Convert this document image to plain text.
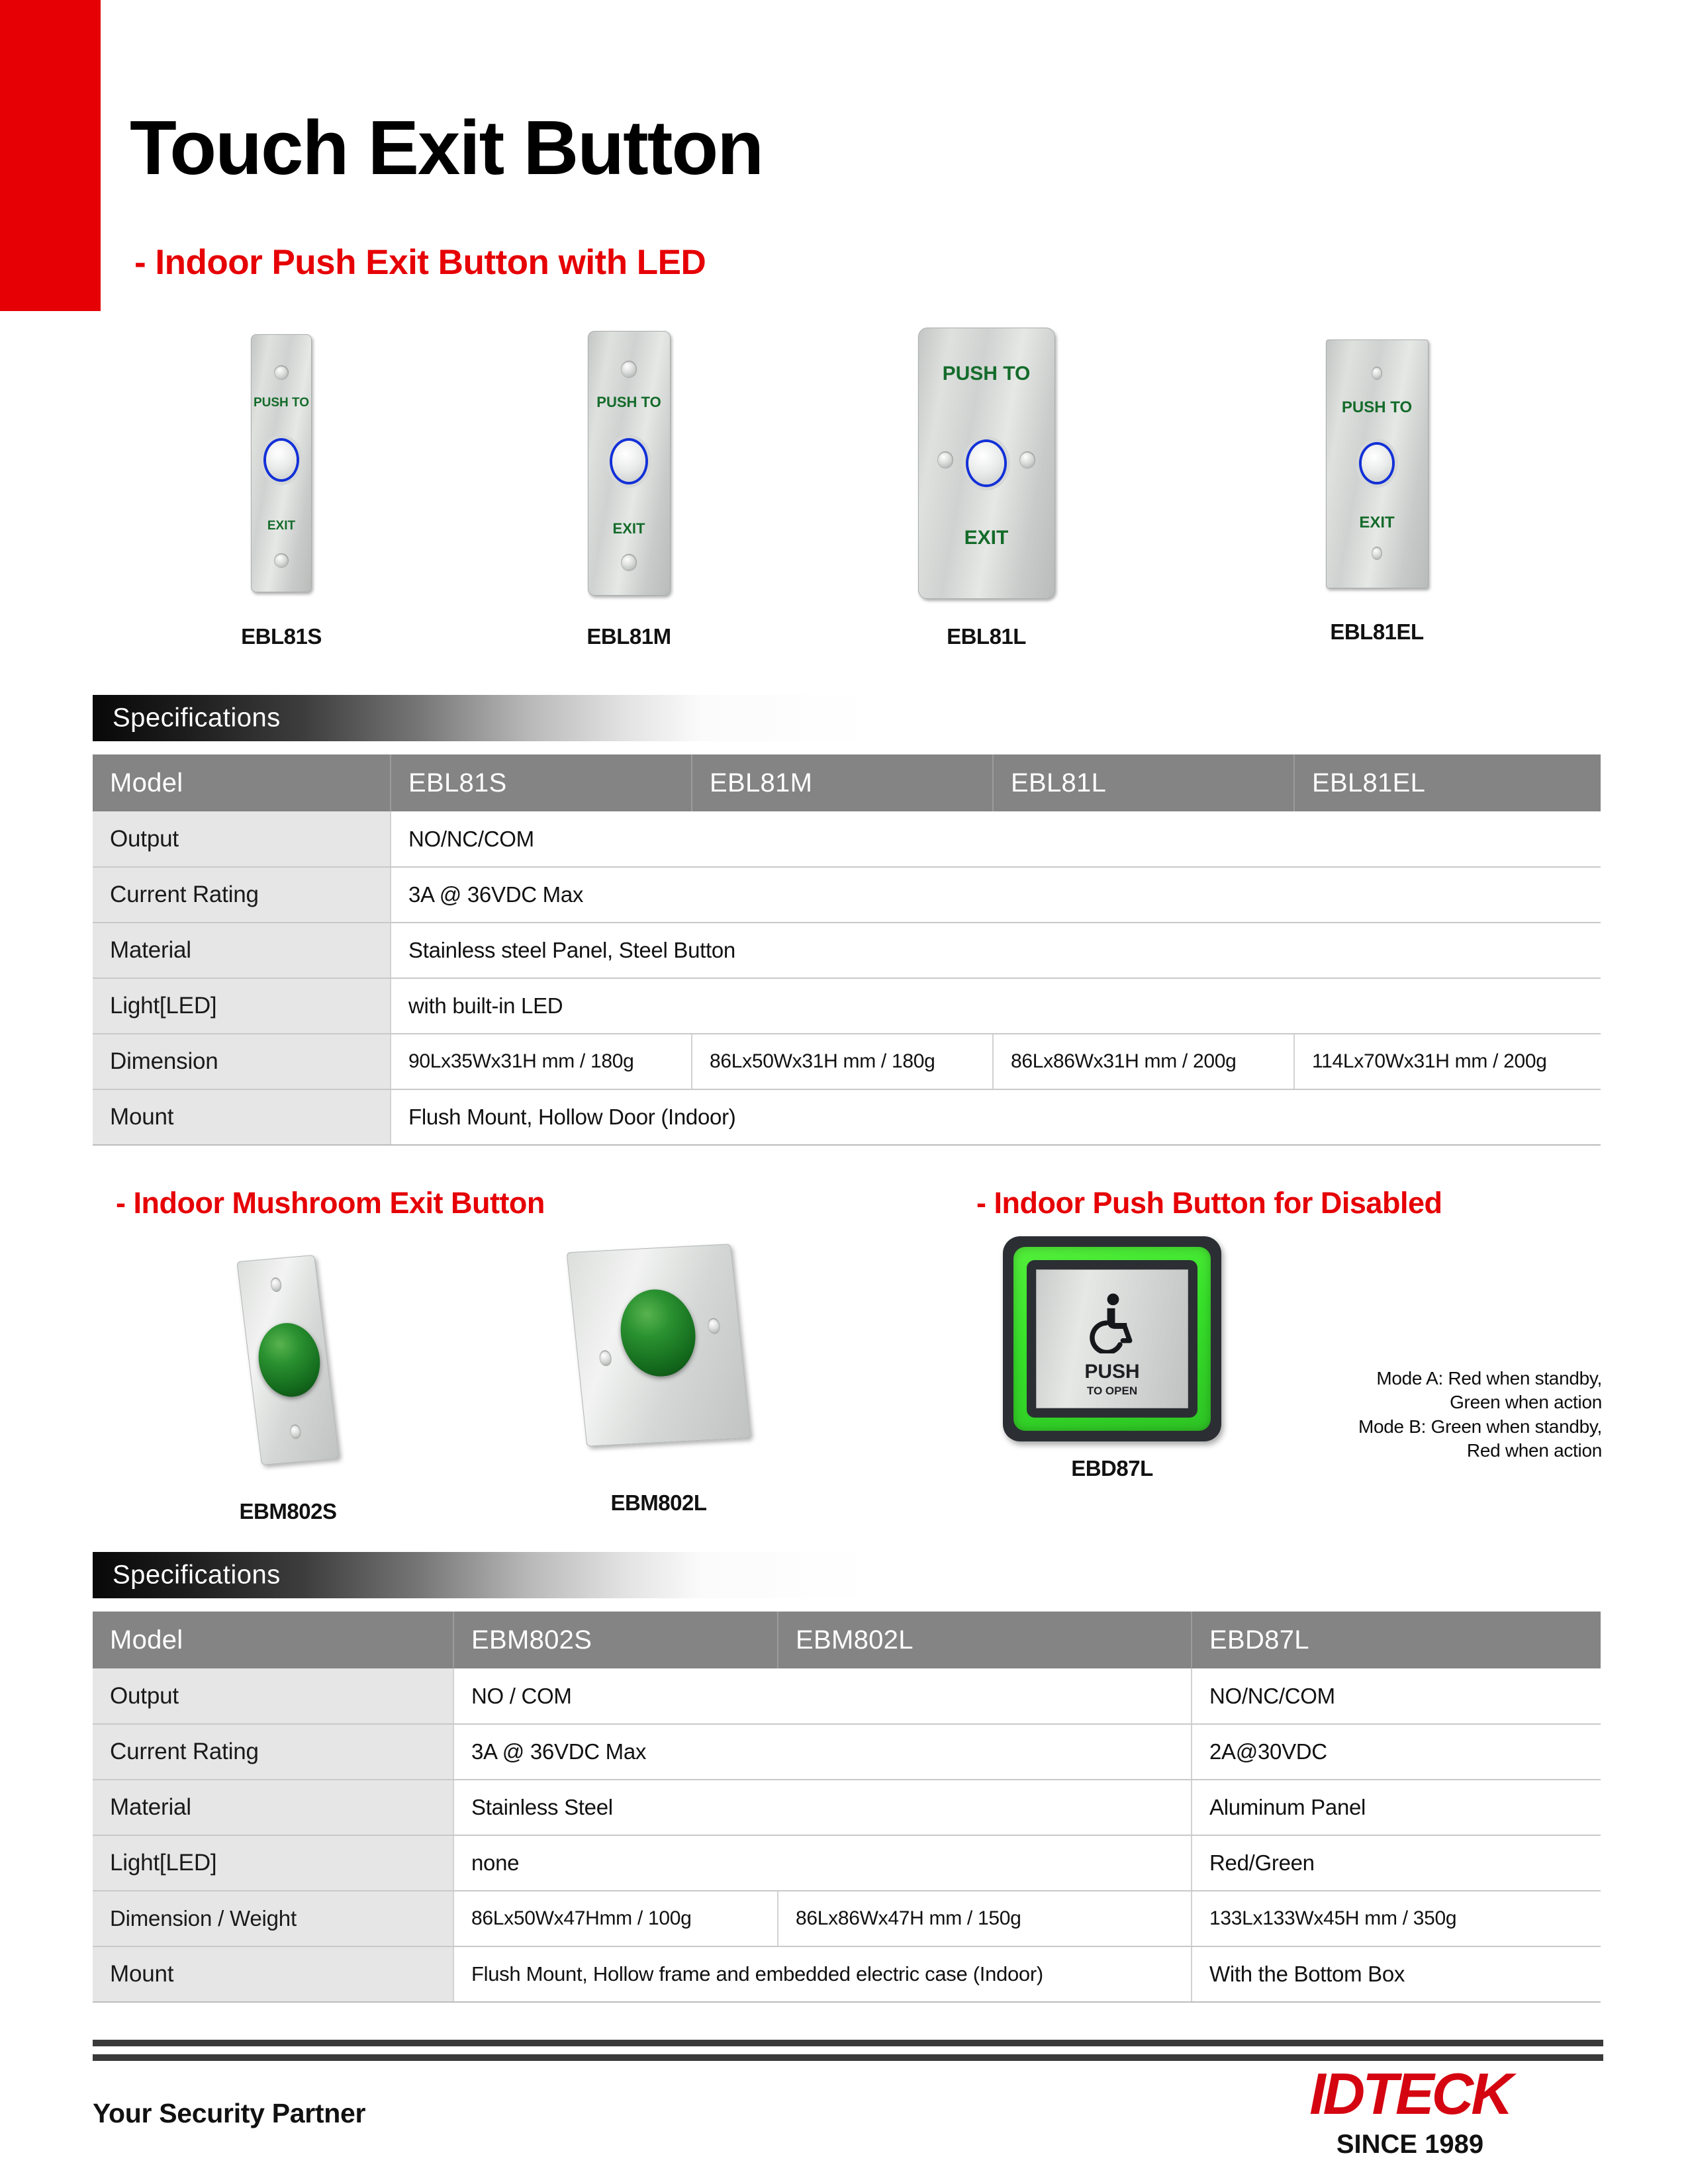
Touch Exit Button
- Indoor Push Exit Button with LED
PUSH TO
EXIT
EBL81S
PUSH TO
EXIT
EBL81M
PUSH TO
EXIT
EBL81L
PUSH TO
EXIT
EBL81EL
Specifications
Model	EBL81S	EBL81M	EBL81L	EBL81EL
Output	NO/NC/COM			
Current Rating	3A @ 36VDC Max			
Material	Stainless steel Panel, Steel Button			
Light[LED]	with built-in LED			
Dimension	90Lx35Wx31H mm / 180g	86Lx50Wx31H mm / 180g	86Lx86Wx31H mm / 200g	114Lx70Wx31H mm / 200g
Mount	Flush Mount, Hollow Door (Indoor)			
- Indoor Mushroom Exit Button	- Indoor Push Button for Disabled
EBM802S	EBM802L
PUSH
TO OPEN
EBD87L
Mode A: Red when standby,
Green when action
Mode B: Green when standby,
Red when action
Specifications
Model	EBM802S	EBM802L	EBD87L
Output	NO / COM		NO/NC/COM
Current Rating	3A @ 36VDC Max		2A@30VDC
Material	Stainless Steel		Aluminum Panel
Light[LED]	none		Red/Green
Dimension / Weight	86Lx50Wx47Hmm / 100g	86Lx86Wx47H mm / 150g	133Lx133Wx45H mm / 350g
Mount	Flush Mount, Hollow frame and embedded electric case (Indoor)		With the Bottom Box
Your Security Partner	IDTECK
SINCE 1989
